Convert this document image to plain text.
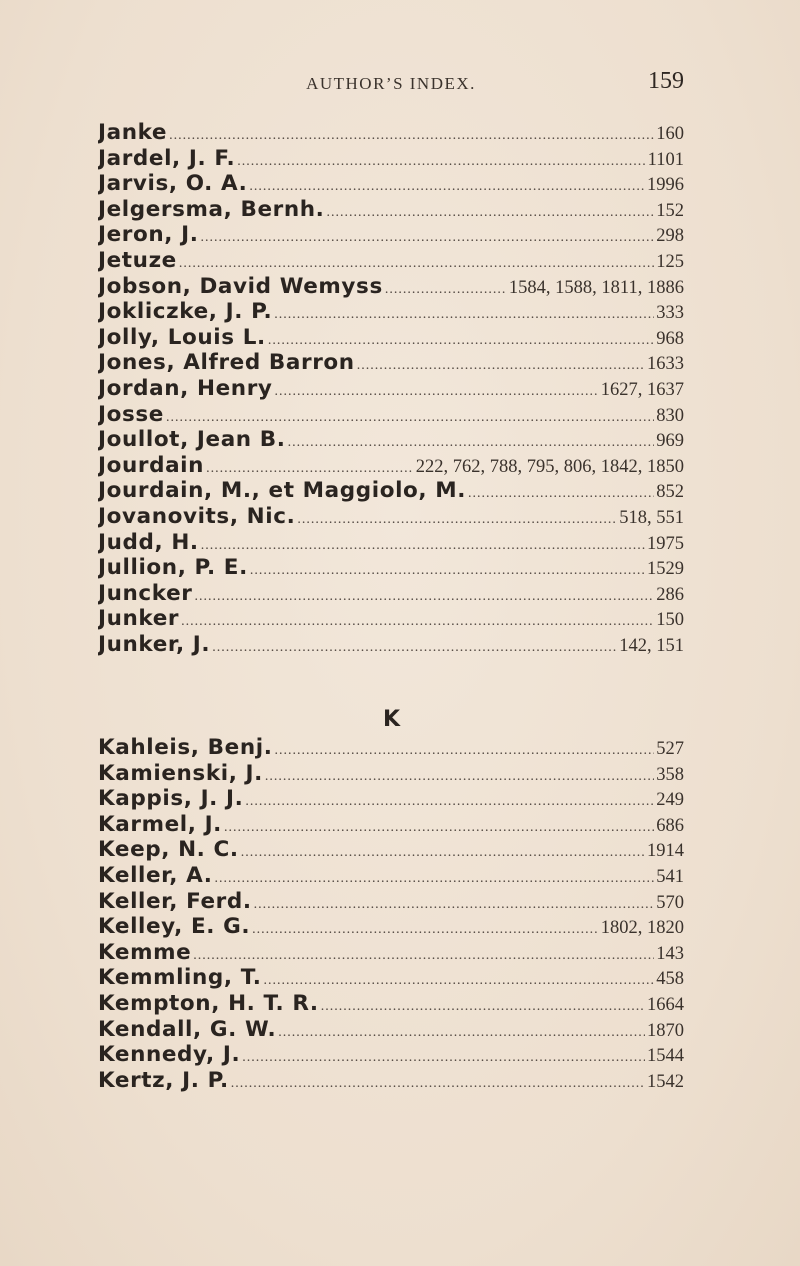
AUTHOR’S INDEX.	159
Janke .....	160
Jardel, J. F. .....	1101
Jarvis, O. A. .....	1996
Jelgersma, Bernh. .....	152
Jeron, J. .....	298
Jetuze .....	125
Jobson, David Wemyss .....	1584, 1588, 1811, 1886
Jokliczke, J. P. .....	333
Jolly, Louis L. .....	968
Jones, Alfred Barron .....	1633
Jordan, Henry .....	1627, 1637
Josse .....	830
Joullot, Jean B. .....	969
Jourdain .....	222, 762, 788, 795, 806, 1842, 1850
Jourdain, M., et Maggiolo, M. .....	852
Jovanovits, Nic. .....	518, 551
Judd, H. .....	1975
Jullion, P. E. .....	1529
Juncker .....	286
Junker .....	150
Junker, J. .....	142, 151
K
Kahleis, Benj. .....	527
Kamienski, J. .....	358
Kappis, J. J. .....	249
Karmel, J. .....	686
Keep, N. C. .....	1914
Keller, A. .....	541
Keller, Ferd. .....	570
Kelley, E. G. .....	1802, 1820
Kemme .....	143
Kemmling, T. .....	458
Kempton, H. T. R. .....	1664
Kendall, G. W. .....	1870
Kennedy, J. .....	1544
Kertz, J. P. .....	1542
